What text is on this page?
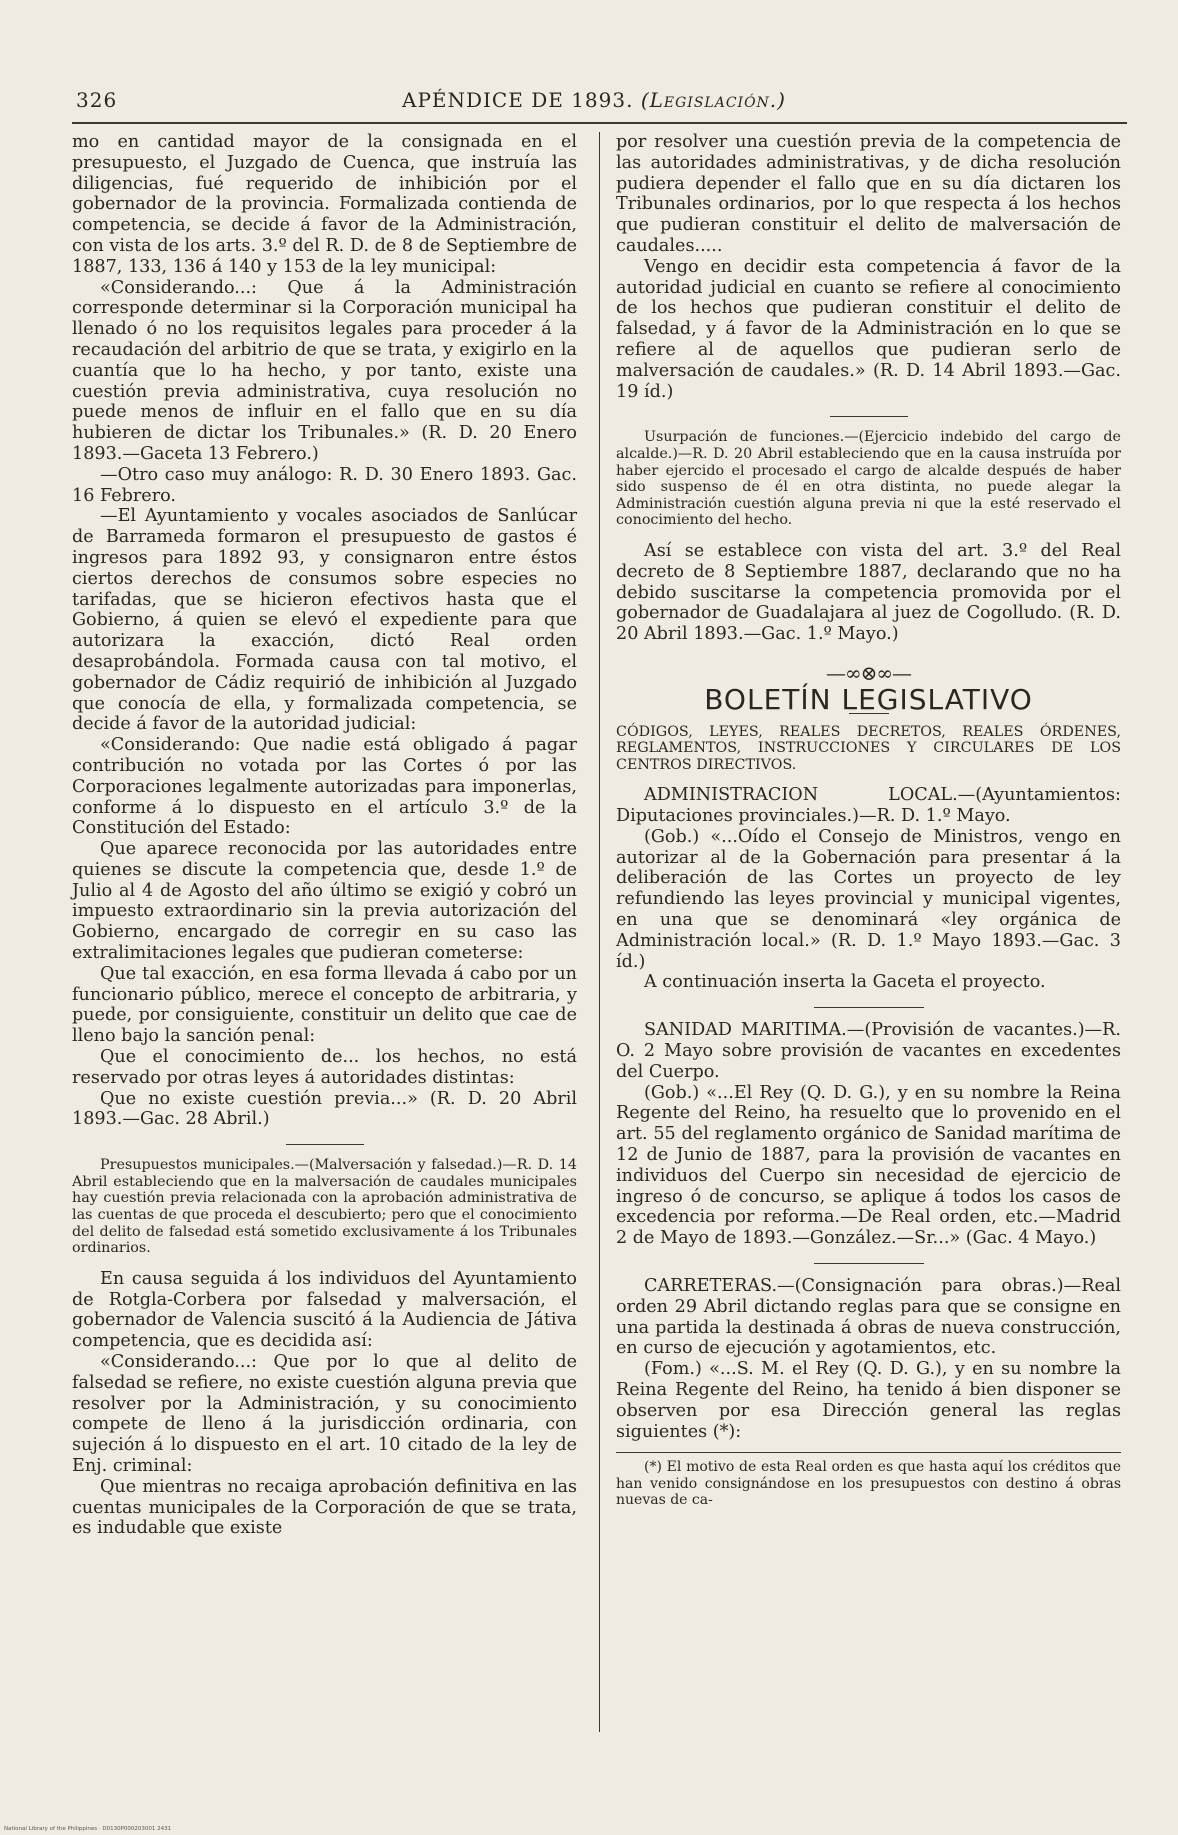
326	APÉNDICE DE 1893. (Legislación.)

mo en cantidad mayor de la consignada en el presupuesto, el Juzgado de Cuenca, que instruía las diligencias, fué requerido de inhibición por el gobernador de la provincia. Formalizada contienda de competencia, se decide á favor de la Administración, con vista de los arts. 3.º del R. D. de 8 de Septiembre de 1887, 133, 136 á 140 y 153 de la ley municipal:

«Considerando...: Que á la Administración corresponde determinar si la Corporación municipal ha llenado ó no los requisitos legales para proceder á la recaudación del arbitrio de que se trata, y exigirlo en la cuantía que lo ha hecho, y por tanto, existe una cuestión previa administrativa, cuya resolución no puede menos de influir en el fallo que en su día hubieren de dictar los Tribunales.» (R. D. 20 Enero 1893.—Gaceta 13 Febrero.)

—Otro caso muy análogo: R. D. 30 Enero 1893. Gac. 16 Febrero.

—El Ayuntamiento y vocales asociados de Sanlúcar de Barrameda formaron el presupuesto de gastos é ingresos para 1892 93, y consignaron entre éstos ciertos derechos de consumos sobre especies no tarifadas, que se hicieron efectivos hasta que el Gobierno, á quien se elevó el expediente para que autorizara la exacción, dictó Real orden desaprobándola. Formada causa con tal motivo, el gobernador de Cádiz requirió de inhibición al Juzgado que conocía de ella, y formalizada competencia, se decide á favor de la autoridad judicial:

«Considerando: Que nadie está obligado á pagar contribución no votada por las Cortes ó por las Corporaciones legalmente autorizadas para imponerlas, conforme á lo dispuesto en el artículo 3.º de la Constitución del Estado:

Que aparece reconocida por las autoridades entre quienes se discute la competencia que, desde 1.º de Julio al 4 de Agosto del año último se exigió y cobró un impuesto extraordinario sin la previa autorización del Gobierno, encargado de corregir en su caso las extralimitaciones legales que pudieran cometerse:

Que tal exacción, en esa forma llevada á cabo por un funcionario público, merece el concepto de arbitraria, y puede, por consiguiente, constituir un delito que cae de lleno bajo la sanción penal:

Que el conocimiento de... los hechos, no está reservado por otras leyes á autoridades distintas:

Que no existe cuestión previa...» (R. D. 20 Abril 1893.—Gac. 28 Abril.)

Presupuestos municipales.—(Malversación y falsedad.)—R. D. 14 Abril estableciendo que en la malversación de caudales municipales hay cuestión previa relacionada con la aprobación administrativa de las cuentas de que proceda el descubierto; pero que el conocimiento del delito de falsedad está sometido exclusivamente á los Tribunales ordinarios.

En causa seguida á los individuos del Ayuntamiento de Rotgla-Corbera por falsedad y malversación, el gobernador de Valencia suscitó á la Audiencia de Játiva competencia, que es decidida así:

«Considerando...: Que por lo que al delito de falsedad se refiere, no existe cuestión alguna previa que resolver por la Administración, y su conocimiento compete de lleno á la jurisdicción ordinaria, con sujeción á lo dispuesto en el art. 10 citado de la ley de Enj. criminal:

Que mientras no recaiga aprobación definitiva en las cuentas municipales de la Corporación de que se trata, es indudable que existe

por resolver una cuestión previa de la competencia de las autoridades administrativas, y de dicha resolución pudiera depender el fallo que en su día dictaren los Tribunales ordinarios, por lo que respecta á los hechos que pudieran constituir el delito de malversación de caudales.....

Vengo en decidir esta competencia á favor de la autoridad judicial en cuanto se refiere al conocimiento de los hechos que pudieran constituir el delito de falsedad, y á favor de la Administración en lo que se refiere al de aquellos que pudieran serlo de malversación de caudales.» (R. D. 14 Abril 1893.—Gac. 19 íd.)

Usurpación de funciones.—(Ejercicio indebido del cargo de alcalde.)—R. D. 20 Abril estableciendo que en la causa instruída por haber ejercido el procesado el cargo de alcalde después de haber sido suspenso de él en otra distinta, no puede alegar la Administración cuestión alguna previa ni que la esté reservado el conocimiento del hecho.

Así se establece con vista del art. 3.º del Real decreto de 8 Septiembre 1887, declarando que no ha debido suscitarse la competencia promovida por el gobernador de Guadalajara al juez de Cogolludo. (R. D. 20 Abril 1893.—Gac. 1.º Mayo.)

—∞⊗∞—
BOLETÍN LEGISLATIVO

CÓDIGOS, LEYES, REALES DECRETOS, REALES ÓRDENES, REGLAMENTOS, INSTRUCCIONES Y CIRCULARES DE LOS CENTROS DIRECTIVOS.

ADMINISTRACION LOCAL.—(Ayuntamientos: Diputaciones provinciales.)—R. D. 1.º Mayo.

(Gob.) «...Oído el Consejo de Ministros, vengo en autorizar al de la Gobernación para presentar á la deliberación de las Cortes un proyecto de ley refundiendo las leyes provincial y municipal vigentes, en una que se denominará «ley orgánica de Administración local.» (R. D. 1.º Mayo 1893.—Gac. 3 íd.)

A continuación inserta la Gaceta el proyecto.

SANIDAD MARITIMA.—(Provisión de vacantes.)—R. O. 2 Mayo sobre provisión de vacantes en excedentes del Cuerpo.

(Gob.) «...El Rey (Q. D. G.), y en su nombre la Reina Regente del Reino, ha resuelto que lo provenido en el art. 55 del reglamento orgánico de Sanidad marítima de 12 de Junio de 1887, para la provisión de vacantes en individuos del Cuerpo sin necesidad de ejercicio de ingreso ó de concurso, se aplique á todos los casos de excedencia por reforma.—De Real orden, etc.—Madrid 2 de Mayo de 1893.—González.—Sr...» (Gac. 4 Mayo.)

CARRETERAS.—(Consignación para obras.)—Real orden 29 Abril dictando reglas para que se consigne en una partida la destinada á obras de nueva construcción, en curso de ejecución y agotamientos, etc.

(Fom.) «...S. M. el Rey (Q. D. G.), y en su nombre la Reina Regente del Reino, ha tenido á bien disponer se observen por esa Dirección general las reglas siguientes (*):

(*) El motivo de esta Real orden es que hasta aquí los créditos que han venido consignándose en los presupuestos con destino á obras nuevas de ca-

National Library of the Philippines · D0130P000203001 2431
